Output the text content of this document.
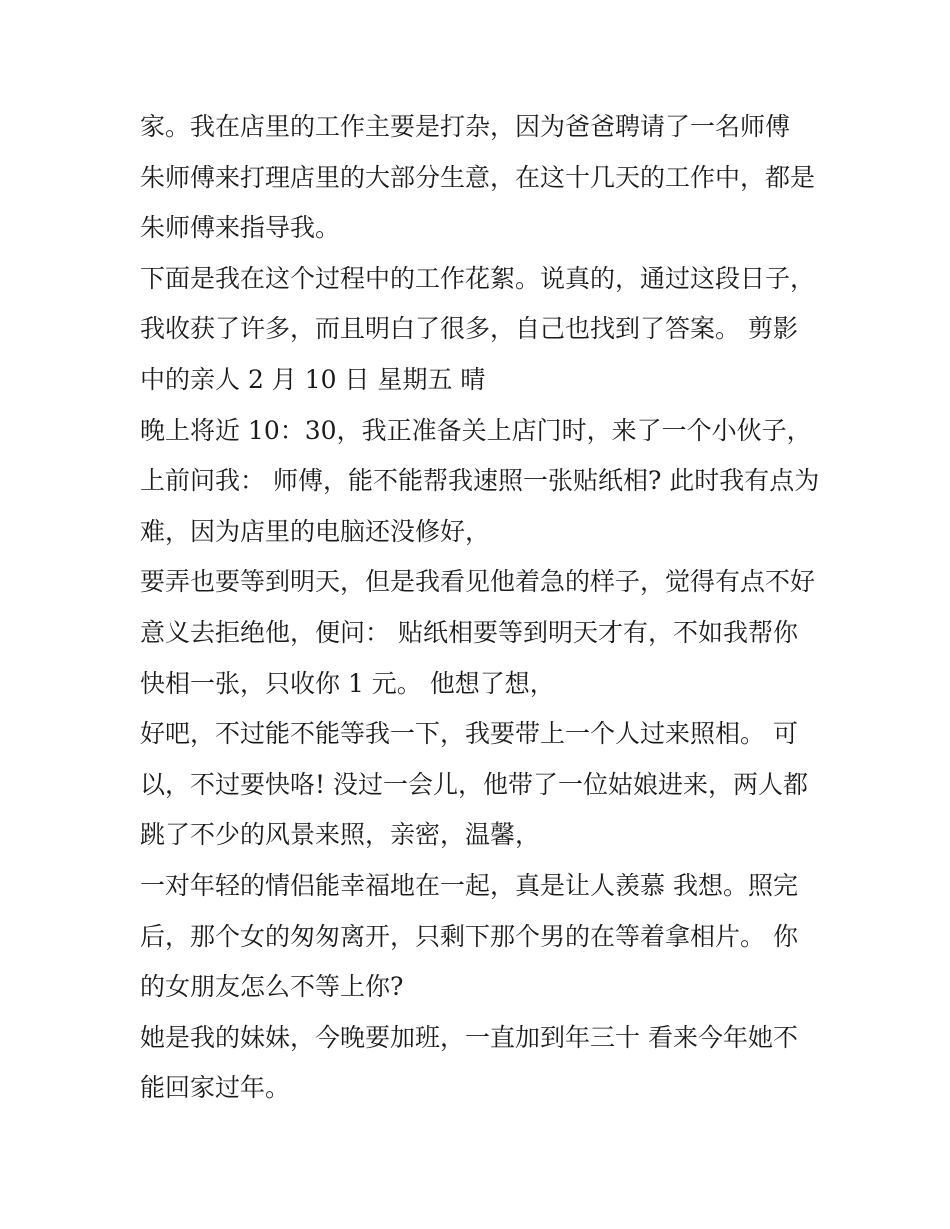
家。我在店里的工作主要是打杂，因为爸爸聘请了一名师傅
朱师傅来打理店里的大部分生意，在这十几天的工作中，都是
朱师傅来指导我。
下面是我在这个过程中的工作花絮。说真的，通过这段日子，
我收获了许多，而且明白了很多，自己也找到了答案。 剪影
中的亲人 2 月 10 日 星期五 晴
晚上将近 10：30，我正准备关上店门时，来了一个小伙子，
上前问我： 师傅，能不能帮我速照一张贴纸相? 此时我有点为
难，因为店里的电脑还没修好，
要弄也要等到明天，但是我看见他着急的样子，觉得有点不好
意义去拒绝他，便问： 贴纸相要等到明天才有，不如我帮你
快相一张，只收你 1 元。 他想了想，
好吧，不过能不能等我一下，我要带上一个人过来照相。 可
以，不过要快咯! 没过一会儿，他带了一位姑娘进来，两人都
跳了不少的风景来照，亲密，温馨，
一对年轻的情侣能幸福地在一起，真是让人羡慕 我想。照完
后，那个女的匆匆离开，只剩下那个男的在等着拿相片。 你
的女朋友怎么不等上你?
她是我的妹妹，今晚要加班，一直加到年三十 看来今年她不
能回家过年。
